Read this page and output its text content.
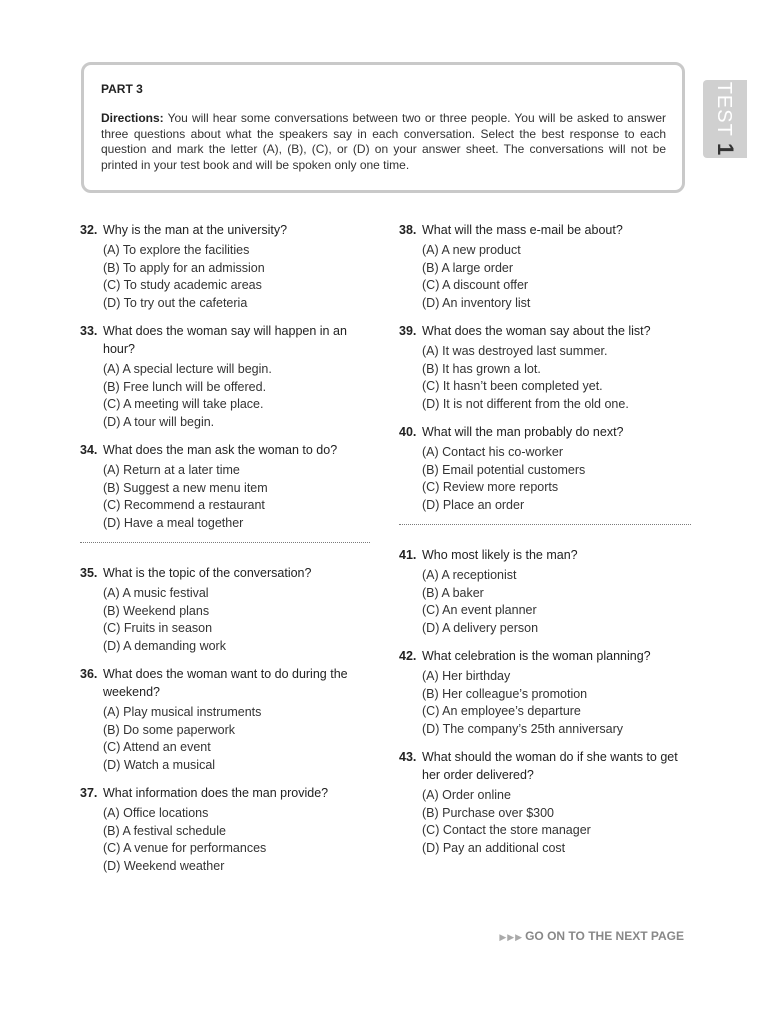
PART 3

Directions: You will hear some conversations between two or three people. You will be asked to answer three questions about what the speakers say in each conversation. Select the best response to each question and mark the letter (A), (B), (C), or (D) on your answer sheet. The conversations will not be printed in your test book and will be spoken only one time.

TEST 1
32. Why is the man at the university?
(A) To explore the facilities
(B) To apply for an admission
(C) To study academic areas
(D) To try out the cafeteria
33. What does the woman say will happen in an hour?
(A) A special lecture will begin.
(B) Free lunch will be offered.
(C) A meeting will take place.
(D) A tour will begin.
34. What does the man ask the woman to do?
(A) Return at a later time
(B) Suggest a new menu item
(C) Recommend a restaurant
(D) Have a meal together
35. What is the topic of the conversation?
(A) A music festival
(B) Weekend plans
(C) Fruits in season
(D) A demanding work
36. What does the woman want to do during the weekend?
(A) Play musical instruments
(B) Do some paperwork
(C) Attend an event
(D) Watch a musical
37. What information does the man provide?
(A) Office locations
(B) A festival schedule
(C) A venue for performances
(D) Weekend weather
38. What will the mass e-mail be about?
(A) A new product
(B) A large order
(C) A discount offer
(D) An inventory list
39. What does the woman say about the list?
(A) It was destroyed last summer.
(B) It has grown a lot.
(C) It hasn’t been completed yet.
(D) It is not different from the old one.
40. What will the man probably do next?
(A) Contact his co-worker
(B) Email potential customers
(C) Review more reports
(D) Place an order
41. Who most likely is the man?
(A) A receptionist
(B) A baker
(C) An event planner
(D) A delivery person
42. What celebration is the woman planning?
(A) Her birthday
(B) Her colleague’s promotion
(C) An employee’s departure
(D) The company’s 25th anniversary
43. What should the woman do if she wants to get her order delivered?
(A) Order online
(B) Purchase over $300
(C) Contact the store manager
(D) Pay an additional cost
▶▶▶ GO ON TO THE NEXT PAGE
